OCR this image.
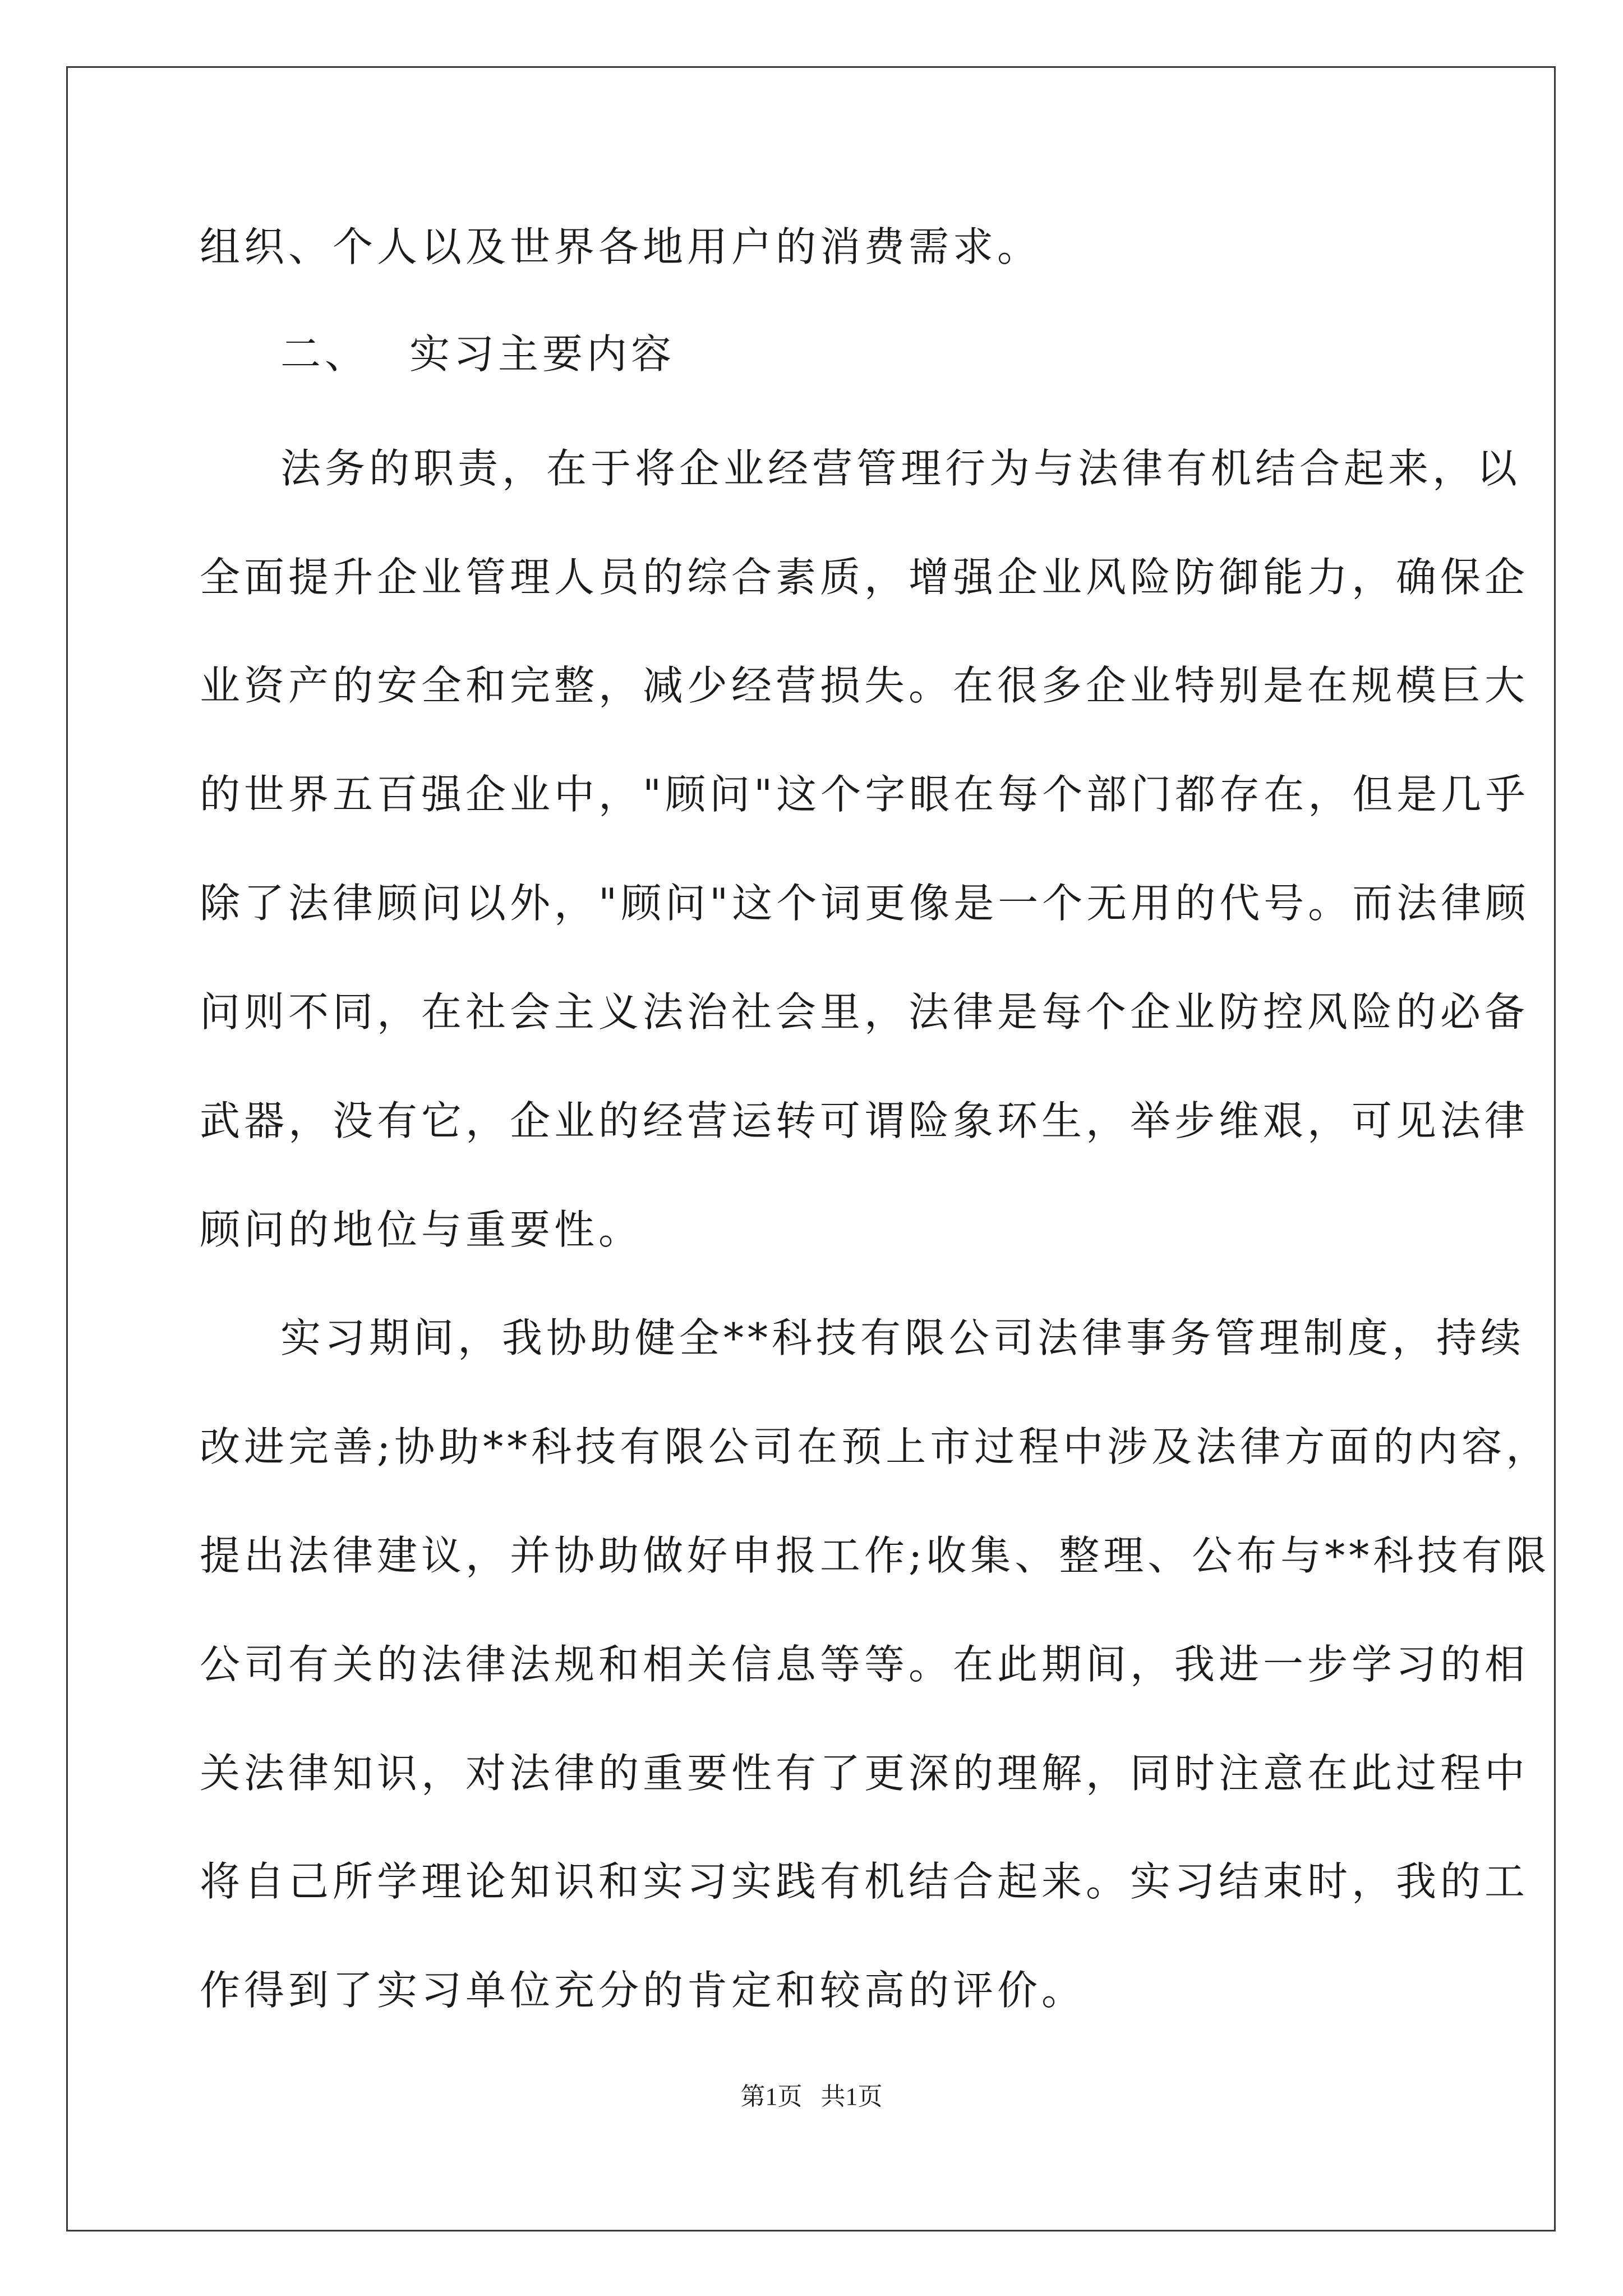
组织、个人以及世界各地用户的消费需求。

二、 实习主要内容

法务的职责，在于将企业经营管理行为与法律有机结合起来，以

全面提升企业管理人员的综合素质，增强企业风险防御能力，确保企

业资产的安全和完整，减少经营损失。在很多企业特别是在规模巨大

的世界五百强企业中，"顾问"这个字眼在每个部门都存在，但是几乎

除了法律顾问以外，"顾问"这个词更像是一个无用的代号。而法律顾

问则不同，在社会主义法治社会里，法律是每个企业防控风险的必备

武器，没有它，企业的经营运转可谓险象环生，举步维艰，可见法律

顾问的地位与重要性。

实习期间，我协助健全**科技有限公司法律事务管理制度，持续

改进完善;协助**科技有限公司在预上市过程中涉及法律方面的内容，

提出法律建议，并协助做好申报工作;收集、整理、公布与**科技有限

公司有关的法律法规和相关信息等等。在此期间，我进一步学习的相

关法律知识，对法律的重要性有了更深的理解，同时注意在此过程中

将自己所学理论知识和实习实践有机结合起来。实习结束时，我的工

作得到了实习单位充分的肯定和较高的评价。

第1页 共1页
